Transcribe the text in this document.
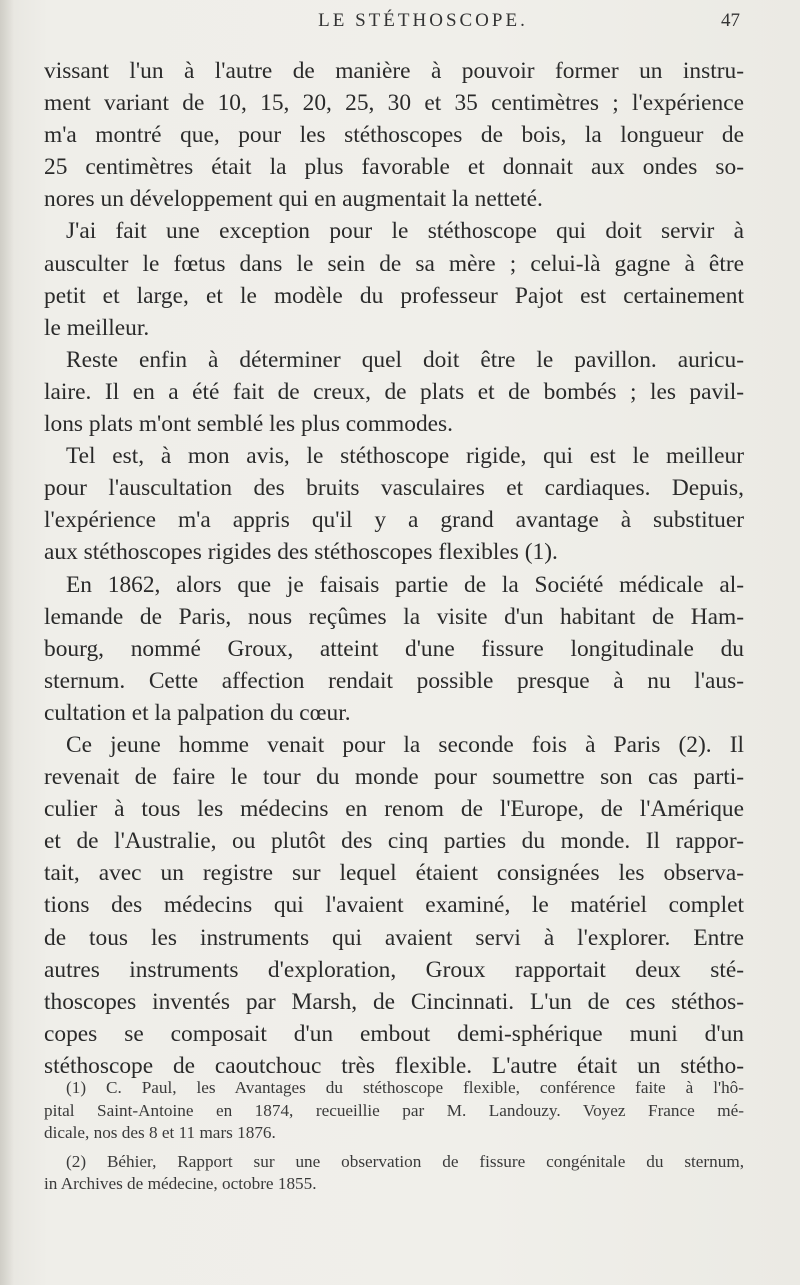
LE STÉTHOSCOPE.	47
vissant l'un à l'autre de manière à pouvoir former un instru-
ment variant de 10, 15, 20, 25, 30 et 35 centimètres ; l'expérience
m'a montré que, pour les stéthoscopes de bois, la longueur de
25 centimètres était la plus favorable et donnait aux ondes so-
nores un développement qui en augmentait la netteté.
J'ai fait une exception pour le stéthoscope qui doit servir à
ausculter le fœtus dans le sein de sa mère ; celui-là gagne à être
petit et large, et le modèle du professeur Pajot est certainement
le meilleur.
Reste enfin à déterminer quel doit être le pavillon. auricu-
laire. Il en a été fait de creux, de plats et de bombés ; les pavil-
lons plats m'ont semblé les plus commodes.
Tel est, à mon avis, le stéthoscope rigide, qui est le meilleur
pour l'auscultation des bruits vasculaires et cardiaques. Depuis,
l'expérience m'a appris qu'il y a grand avantage à substituer
aux stéthoscopes rigides des stéthoscopes flexibles (1).
En 1862, alors que je faisais partie de la Société médicale al-
lemande de Paris, nous reçûmes la visite d'un habitant de Ham-
bourg, nommé Groux, atteint d'une fissure longitudinale du
sternum. Cette affection rendait possible presque à nu l'aus-
cultation et la palpation du cœur.
Ce jeune homme venait pour la seconde fois à Paris (2). Il
revenait de faire le tour du monde pour soumettre son cas parti-
culier à tous les médecins en renom de l'Europe, de l'Amérique
et de l'Australie, ou plutôt des cinq parties du monde. Il rappor-
tait, avec un registre sur lequel étaient consignées les observa-
tions des médecins qui l'avaient examiné, le matériel complet
de tous les instruments qui avaient servi à l'explorer. Entre
autres instruments d'exploration, Groux rapportait deux sté-
thoscopes inventés par Marsh, de Cincinnati. L'un de ces stéthos-
copes se composait d'un embout demi-sphérique muni d'un
stéthoscope de caoutchouc très flexible. L'autre était un stétho-
(1) C. Paul, les Avantages du stéthoscope flexible, conférence faite à l'hô-
pital Saint-Antoine en 1874, recueillie par M. Landouzy. Voyez France mé-
dicale, nos des 8 et 11 mars 1876.
(2) Béhier, Rapport sur une observation de fissure congénitale du sternum,
in Archives de médecine, octobre 1855.
